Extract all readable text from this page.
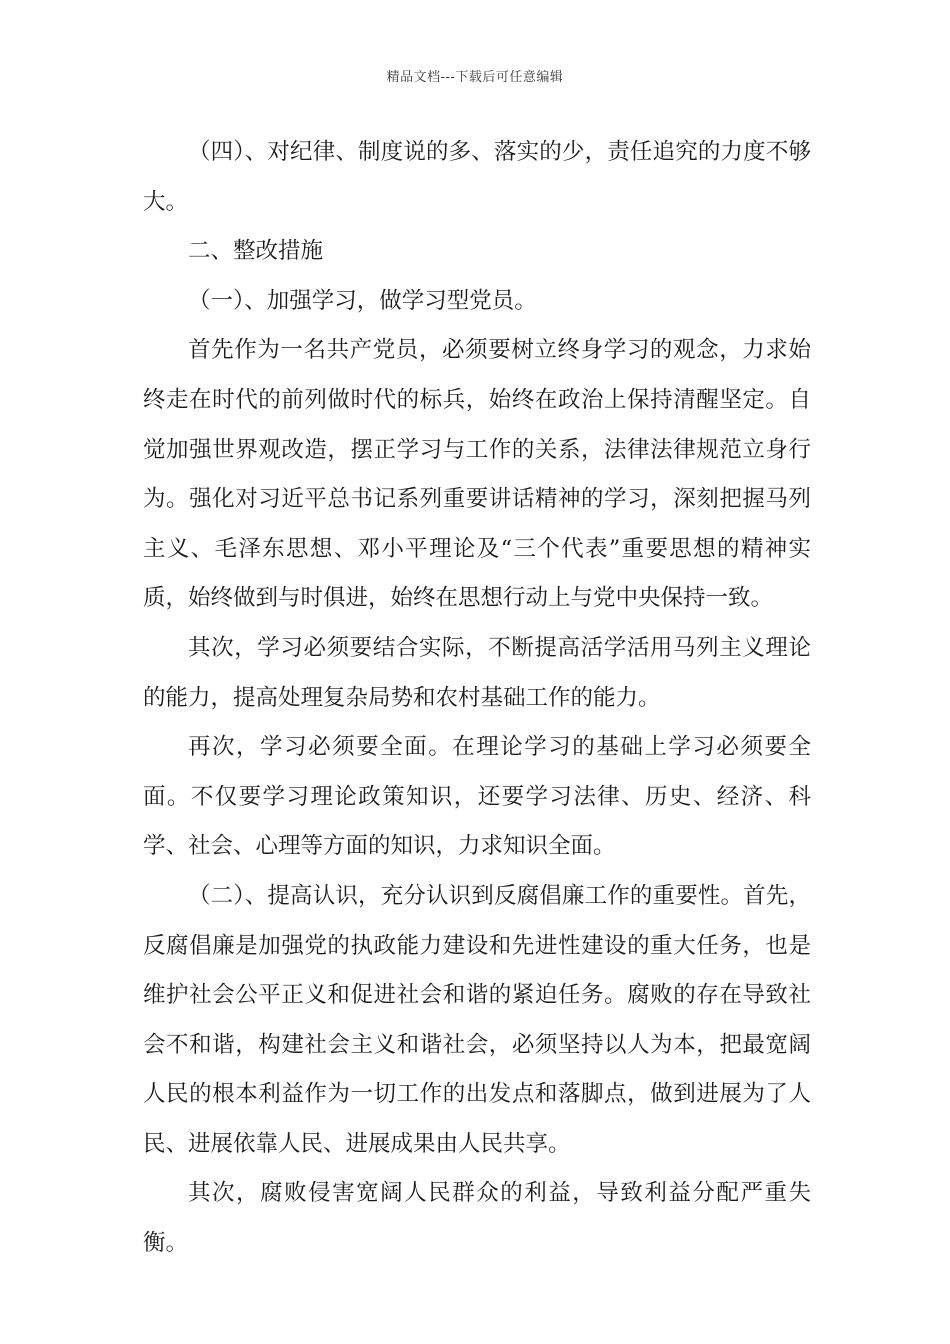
精品文档---下载后可任意编辑

（四）、对纪律、制度说的多、落实的少，责任追究的力度不够大。

二、整改措施

（一）、加强学习，做学习型党员。

首先作为一名共产党员，必须要树立终身学习的观念，力求始终走在时代的前列做时代的标兵，始终在政治上保持清醒坚定。自觉加强世界观改造，摆正学习与工作的关系，法律法律规范立身行为。强化对习近平总书记系列重要讲话精神的学习，深刻把握马列主义、毛泽东思想、邓小平理论及“三个代表”重要思想的精神实质，始终做到与时俱进，始终在思想行动上与党中央保持一致。

其次，学习必须要结合实际，不断提高活学活用马列主义理论的能力，提高处理复杂局势和农村基础工作的能力。

再次，学习必须要全面。在理论学习的基础上学习必须要全面。不仅要学习理论政策知识，还要学习法律、历史、经济、科学、社会、心理等方面的知识，力求知识全面。

（二）、提高认识，充分认识到反腐倡廉工作的重要性。首先，反腐倡廉是加强党的执政能力建设和先进性建设的重大任务，也是维护社会公平正义和促进社会和谐的紧迫任务。腐败的存在导致社会不和谐，构建社会主义和谐社会，必须坚持以人为本，把最宽阔人民的根本利益作为一切工作的出发点和落脚点，做到进展为了人民、进展依靠人民、进展成果由人民共享。

其次，腐败侵害宽阔人民群众的利益，导致利益分配严重失衡。
